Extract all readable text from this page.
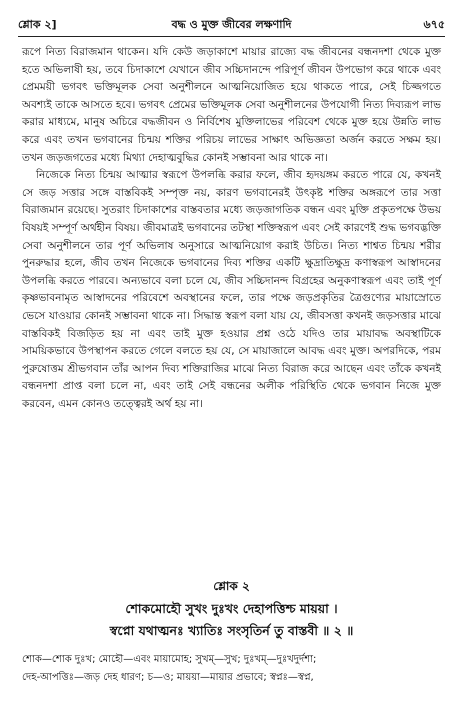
শ্লোক ২]	বদ্ধ ও মুক্ত জীবের লক্ষণাদি	৬৭৫

রূপে নিত্য বিরাজমান থাকেন। যদি কেউ জড়াকাশে মায়ার রাজ্যে বদ্ধ জীবনের বন্ধনদশা থেকে মুক্ত হতে অভিলাষী হয়, তবে চিদাকাশে যেখানে জীব সচ্চিদানন্দে পরিপূর্ণ জীবন উপভোগ করে থাকে এবং প্রেমময়ী ভগবৎ ভক্তিমূলক সেবা অনুশীলনে আত্মনিয়োজিত হয়ে থাকতে পারে, সেই চিজ্জগতে অবশ্যই তাকে আসতে হবে। ভগবৎ প্রেমের ভক্তিমূলক সেবা অনুশীলনের উপযোগী নিত্য দিব্যরূপ লাভ করার মাধ্যমে, মানুষ অচিরে বদ্ধজীবন ও নির্বিশেষ মুক্তিলাভের পরিবেশ থেকে মুক্ত হয়ে উন্নতি লাভ করে এবং তখন ভগবানের চিন্ময় শক্তির পরিচয় লাভের সাক্ষাৎ অভিজ্ঞতা অর্জন করতে সক্ষম হয়। তখন জড়জগতের মধ্যে মিথ্যা দেহাত্মবুদ্ধির কোনই সম্ভাবনা আর থাকে না।

নিজেকে নিত্য চিন্ময় আত্মার স্বরূপে উপলব্ধি করার ফলে, জীব হৃদয়ঙ্গম করতে পারে যে, কখনই সে জড় সত্তার সঙ্গে বাস্তবিকই সম্পৃক্ত নয়, কারণ ভগবানেরই উৎকৃষ্ট শক্তির অঙ্গরূপে তার সত্তা বিরাজমান রয়েছে। সুতরাং চিদাকাশের বাস্তবতার মধ্যে জড়জাগতিক বন্ধন এবং মুক্তি প্রকৃতপক্ষে উভয় বিষয়ই সম্পূর্ণ অর্থহীন বিষয়। জীবমাত্রই ভগবানের তটস্থা শক্তিস্বরূপ এবং সেই কারণেই শুদ্ধ ভগবদ্ভক্তি সেবা অনুশীলনে তার পূর্ণ অভিলাষ অনুসারে আত্মনিয়োগ করাই উচিত। নিত্য শাশ্বত চিন্ময় শরীর পুনরুদ্ধার হলে, জীব তখন নিজেকে ভগবানের দিব্য শক্তির একটি ক্ষুদ্রাতিক্ষুদ্র কণাস্বরূপ আস্বাদনের উপলব্ধি করতে পারবে। অন্যভাবে বলা চলে যে, জীব সচ্চিদানন্দ বিগ্রহের অনুকণাস্বরূপ এবং তাই পূর্ণ কৃষ্ণভাবনামৃত আস্বাদনের পরিবেশে অবস্থানের ফলে, তার পক্ষে জড়প্রকৃতির ত্রৈগুণ্যের মায়াস্রোতে ভেসে যাওয়ার কোনই সম্ভাবনা থাকে না। সিদ্ধান্ত স্বরূপ বলা যায় যে, জীবসত্তা কখনই জড়সত্তার মাঝে বাস্তবিকই বিজড়িত হয় না এবং তাই মুক্ত হওয়ার প্রশ্ন ওঠে যদিও তার মায়াবদ্ধ অবস্থাটিকে সাময়িকভাবে উপস্থাপন করতে গেলে বলতে হয় যে, সে মায়াজালে আবদ্ধ এবং মুক্ত। অপরদিকে, পরম পুরুষোত্তম শ্রীভগবান তাঁর আপন দিব্য শক্তিরাজির মাঝে নিত্য বিরাজ করে আছেন এবং তাঁকে কখনই বন্ধনদশা প্রাপ্ত বলা চলে না, এবং তাই সেই বন্ধনের অলীক পরিস্থিতি থেকে ভগবান নিজে মুক্ত করবেন, এমন কোনও তত্ত্বেরই অর্থ হয় না।

শ্লোক ২
শোকমোহৌ সুখং দুঃখং দেহাপত্তিশ্চ মায়য়া ।
স্বপ্নো যথাত্মনঃ খ্যাতিঃ সংসৃতির্ন তু বাস্তবী ॥ ২ ॥

শোক—শোক দুঃখ; মোহৌ—এবং মায়ামোহ; সুখম্—সুখ; দুঃখম্—দুঃখদুর্দশা;

দেহ-আপত্তিঃ—জড় দেহ ধারণ; চ—ও; মায়য়া—মায়ার প্রভাবে; স্বপ্নঃ—স্বপ্ন,
